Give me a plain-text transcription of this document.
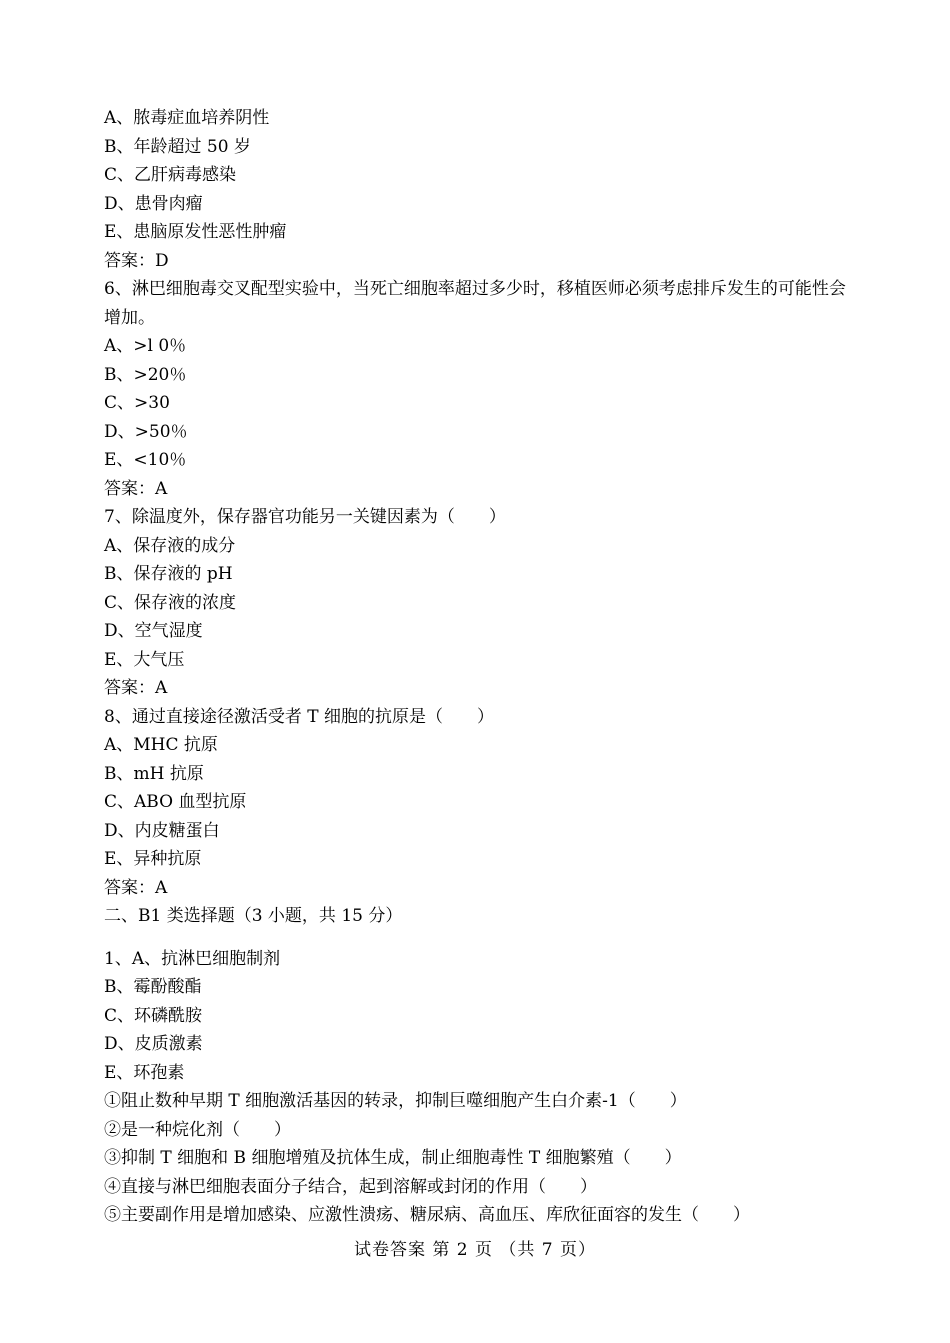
A、脓毒症血培养阴性
B、年龄超过 50 岁
C、乙肝病毒感染
D、患骨肉瘤
E、患脑原发性恶性肿瘤
答案：D
6、淋巴细胞毒交叉配型实验中，当死亡细胞率超过多少时，移植医师必须考虑排斥发生的可能性会增加。
A、>l 0％
B、>20％
C、>30
D、>50％
E、<10％
答案：A
7、除温度外，保存器官功能另一关键因素为（　　）
A、保存液的成分
B、保存液的 pH
C、保存液的浓度
D、空气湿度
E、大气压
答案：A
8、通过直接途径激活受者 T 细胞的抗原是（　　）
A、MHC 抗原
B、mH 抗原
C、ABO 血型抗原
D、内皮糖蛋白
E、异种抗原
答案：A
二、B1 类选择题（3 小题，共 15 分）
1、A、抗淋巴细胞制剂
B、霉酚酸酯
C、环磷酰胺
D、皮质激素
E、环孢素
①阻止数种早期 T 细胞激活基因的转录，抑制巨噬细胞产生白介素-1（　　）
②是一种烷化剂（　　）
③抑制 T 细胞和 B 细胞增殖及抗体生成，制止细胞毒性 T 细胞繁殖（　　）
④直接与淋巴细胞表面分子结合，起到溶解或封闭的作用（　　）
⑤主要副作用是增加感染、应激性溃疡、糖尿病、高血压、库欣征面容的发生（　　）
试卷答案 第 2 页 （共 7 页）
